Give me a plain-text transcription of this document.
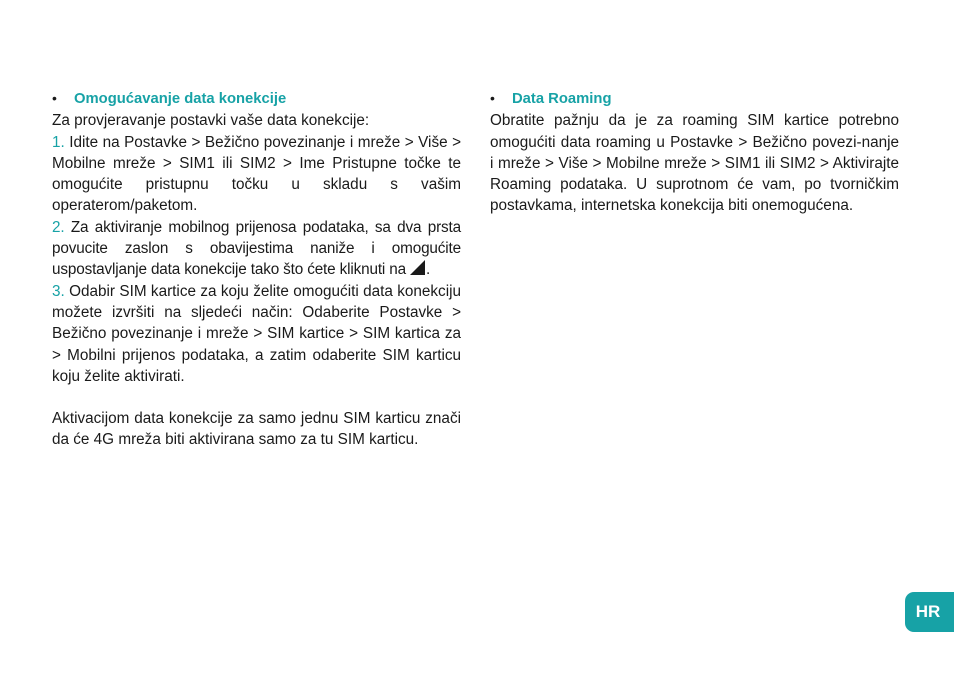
•	Omogućavanje data konekcije

Za provjeravanje postavki vaše data konekcije:

1. Idite na Postavke > Bežično povezinanje i mreže > Više > Mobilne mreže > SIM1 ili SIM2 > Ime Pristupne točke te omogućite pristupnu točku u skladu s vašim operaterom/paketom.

2. Za aktiviranje mobilnog prijenosa podataka, sa dva prsta povucite zaslon s obavijestima naniže i omogućite uspostavljanje data konekcije tako što ćete kliknuti na .

3. Odabir SIM kartice za koju želite omogućiti data konekciju možete izvršiti na sljedeći način: Odaberite Postavke > Bežično povezinanje i mreže > SIM kartice > SIM kartica za > Mobilni prijenos podataka, a zatim odaberite SIM karticu koju želite aktivirati.

Aktivacijom data konekcije za samo jednu SIM karticu znači da će 4G mreža biti aktivirana samo za tu SIM karticu.

•	Data Roaming

Obratite pažnju da je za roaming SIM kartice potrebno omogućiti data roaming u Postavke > Bežično povezi-nanje i mreže > Više > Mobilne mreže > SIM1 ili SIM2 > Aktivirajte Roaming podataka. U suprotnom će vam, po tvorničkim postavkama, internetska konekcija biti onemogućena.

HR
